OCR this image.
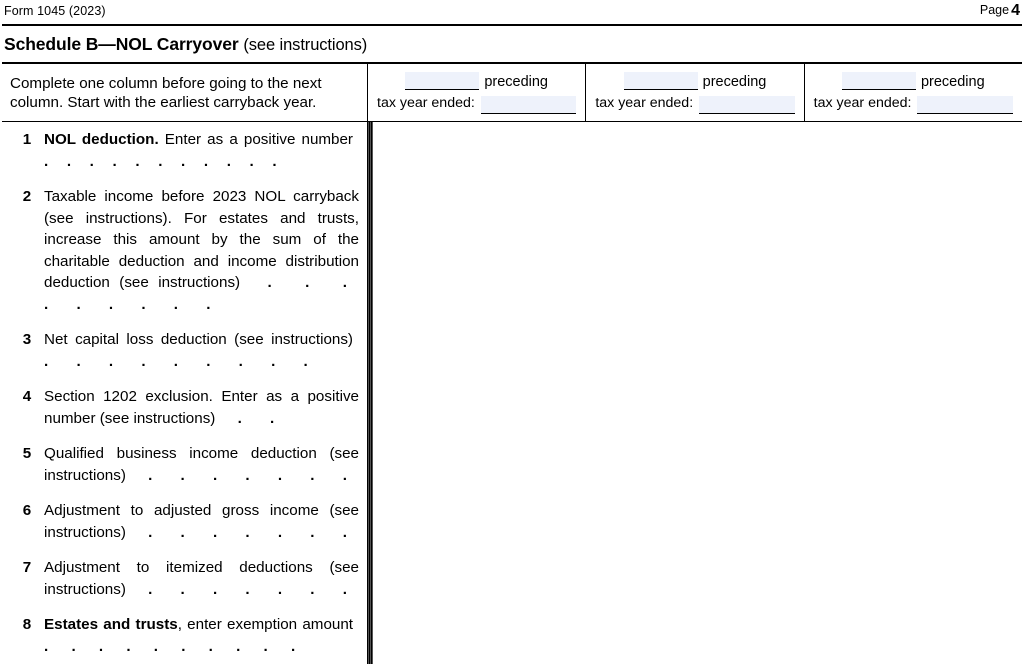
Form 1045 (2023)	Page 4
Schedule B—NOL Carryover (see instructions)
Complete one column before going to the next column. Start with the earliest carryback year.
preceding
tax year ended:
preceding
tax year ended:
preceding
tax year ended:
1 NOL deduction. Enter as a positive number . . . . . . . . . . .
2 Taxable income before 2023 NOL carryback (see instructions). For estates and trusts, increase this amount by the sum of the charitable deduction and income distribution deduction (see instructions) . . . . . . . . .
3 Net capital loss deduction (see instructions) . . . . . . . . .
4 Section 1202 exclusion. Enter as a positive number (see instructions) . .
5 Qualified business income deduction (see instructions) . . . . . . .
6 Adjustment to adjusted gross income (see instructions) . . . . . . .
7 Adjustment to itemized deductions (see instructions) . . . . . . .
8 Estates and trusts, enter exemption amount . . . . . . . . . .
